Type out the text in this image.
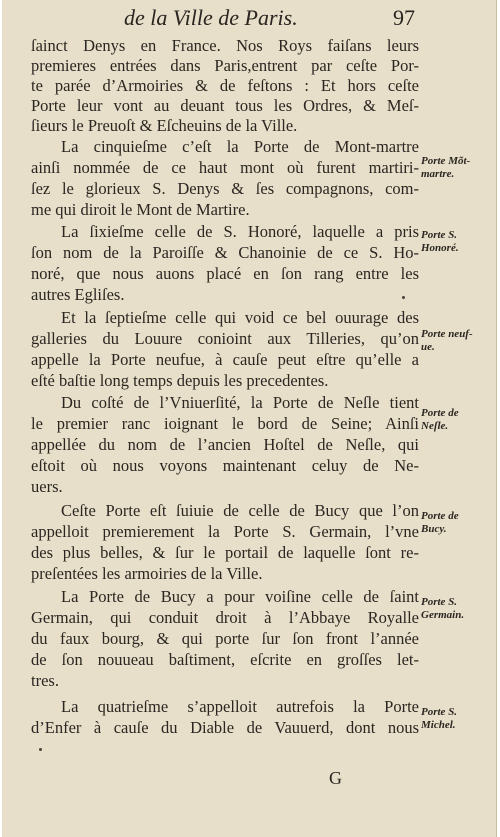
de la Ville de Paris.	97
ſainct Denys en France. Nos Roys faiſans leurs
premieres entrées dans Paris,entrent par ceſte Por-
te parée d’Armoiries & de feſtons : Et hors ceſte
Porte leur vont au deuant tous les Ordres, & Meſ-
ſieurs le Preuoſt & Eſcheuins de la Ville.
La cinquieſme c’eſt la Porte de Mont-martre
ainſi nommée de ce haut mont où furent martiri-
ſez le glorieux S. Denys & ſes compagnons, com-
me qui diroit le Mont de Martire.
La ſixieſme celle de S. Honoré, laquelle a pris
ſon nom de la Paroiſſe & Chanoinie de ce S. Ho-
noré, que nous auons placé en ſon rang entre les
autres Egliſes.
Et la ſeptieſme celle qui void ce bel ouurage des
galleries du Louure conioint aux Tilleries, qu’on
appelle la Porte neufue, à cauſe peut eſtre qu’elle a
eſté baſtie long temps depuis les precedentes.
Du coſté de l’Vniuerſité, la Porte de Neſle tient
le premier ranc ioignant le bord de Seine; Ainſi
appellée du nom de l’ancien Hoſtel de Neſle, qui
eſtoit où nous voyons maintenant celuy de Ne-
uers.
Ceſte Porte eſt ſuiuie de celle de Bucy que l’on
appelloit premierement la Porte S. Germain, l’vne
des plus belles, & ſur le portail de laquelle ſont re-
preſentées les armoiries de la Ville.
La Porte de Bucy a pour voiſine celle de ſaint
Germain, qui conduit droit à l’Abbaye Royalle
du faux bourg, & qui porte ſur ſon front l’année
de ſon nouueau baſtiment, eſcrite en groſſes let-
tres.
La quatrieſme s’appelloit autrefois la Porte
d’Enfer à cauſe du Diable de Vauuerd, dont nous
Porte Mõt-
martre.
Porte S.
Honoré.
Porte neuf-
ue.
Porte de
Neſle.
Porte de
Bucy.
Porte S.
Germain.
Porte S.
Michel.
G
